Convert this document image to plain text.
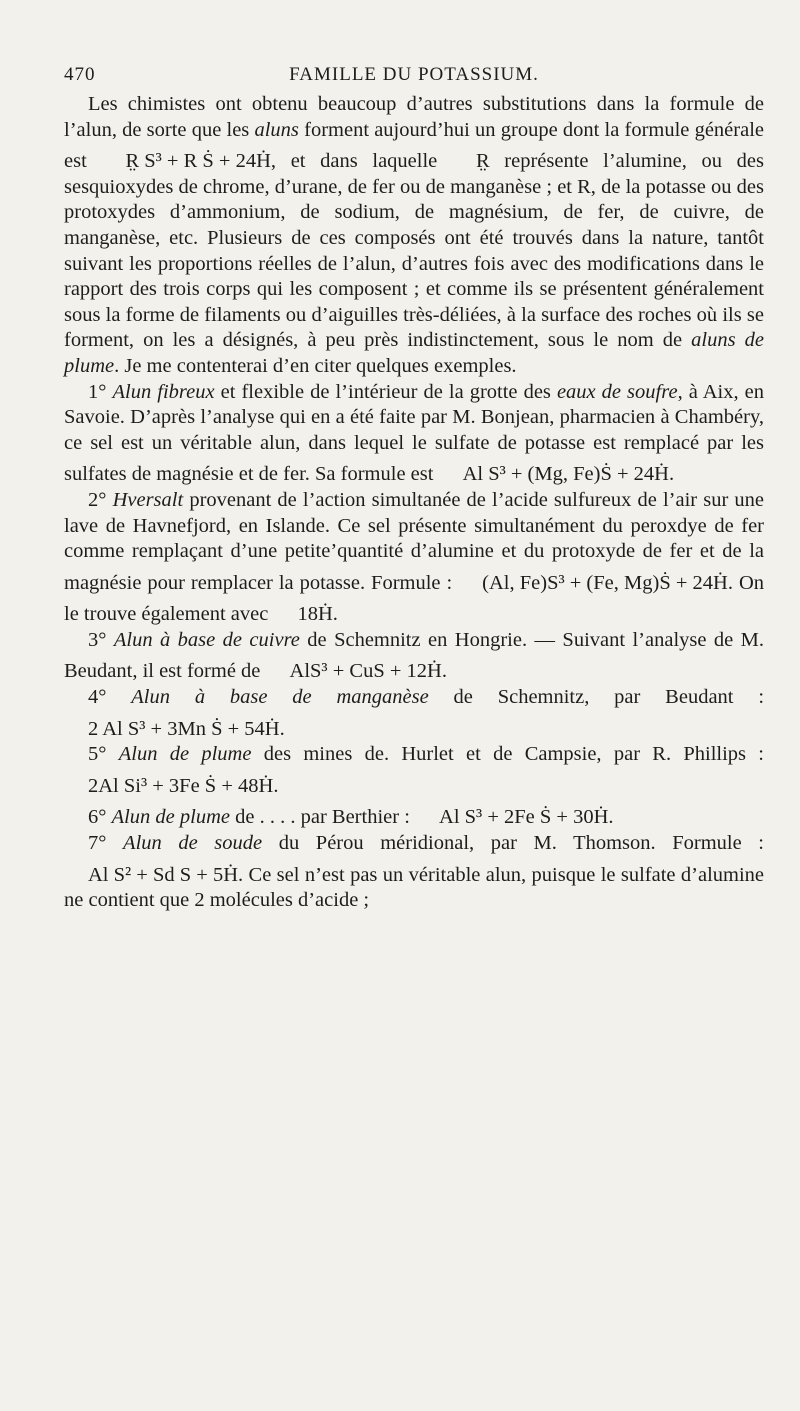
470	FAMILLE DU POTASSIUM.

Les chimistes ont obtenu beaucoup d’autres substitutions dans la formule de l’alun, de sorte que les aluns forment aujourd’hui un groupe dont la formule générale est R̤ S³ + R Ṡ + 24Ḣ, et dans laquelle R̤ représente l’alumine, ou des sesquioxydes de chrome, d’urane, de fer ou de manganèse ; et R, de la potasse ou des protoxydes d’ammonium, de sodium, de magnésium, de fer, de cuivre, de manganèse, etc. Plusieurs de ces composés ont été trouvés dans la nature, tantôt suivant les proportions réelles de l’alun, d’autres fois avec des modifications dans le rapport des trois corps qui les composent ; et comme ils se présentent généralement sous la forme de filaments ou d’aiguilles très-déliées, à la surface des roches où ils se forment, on les a désignés, à peu près indistinctement, sous le nom de aluns de plume. Je me contenterai d’en citer quelques exemples.

1° Alun fibreux et flexible de l’intérieur de la grotte des eaux de soufre, à Aix, en Savoie. D’après l’analyse qui en a été faite par M. Bonjean, pharmacien à Chambéry, ce sel est un véritable alun, dans lequel le sulfate de potasse est remplacé par les sulfates de magnésie et de fer. Sa formule est Al S³ + (Mg, Fe)Ṡ + 24Ḣ.

2° Hversalt provenant de l’action simultanée de l’acide sulfureux de l’air sur une lave de Havnefjord, en Islande. Ce sel présente simultanément du peroxdye de fer comme remplaçant d’une petite’quantité d’alumine et du protoxyde de fer et de la magnésie pour remplacer la potasse. Formule : (Al, Fe)S³ + (Fe, Mg)Ṡ + 24Ḣ. On le trouve également avec 18Ḣ.

3° Alun à base de cuivre de Schemnitz en Hongrie. — Suivant l’analyse de M. Beudant, il est formé de AlS³ + CuS + 12Ḣ.

4° Alun à base de manganèse de Schemnitz, par Beudant : 2 Al S³ + 3Mn Ṡ + 54Ḣ.

5° Alun de plume des mines de. Hurlet et de Campsie, par R. Phillips : 2Al Si³ + 3Fe Ṡ + 48Ḣ.

6° Alun de plume de . . . . par Berthier : Al S³ + 2Fe Ṡ + 30Ḣ.

7° Alun de soude du Pérou méridional, par M. Thomson. Formule : Al S² + Sd S + 5Ḣ. Ce sel n’est pas un véritable alun, puisque le sulfate d’alumine ne contient que 2 molécules d’acide ;
